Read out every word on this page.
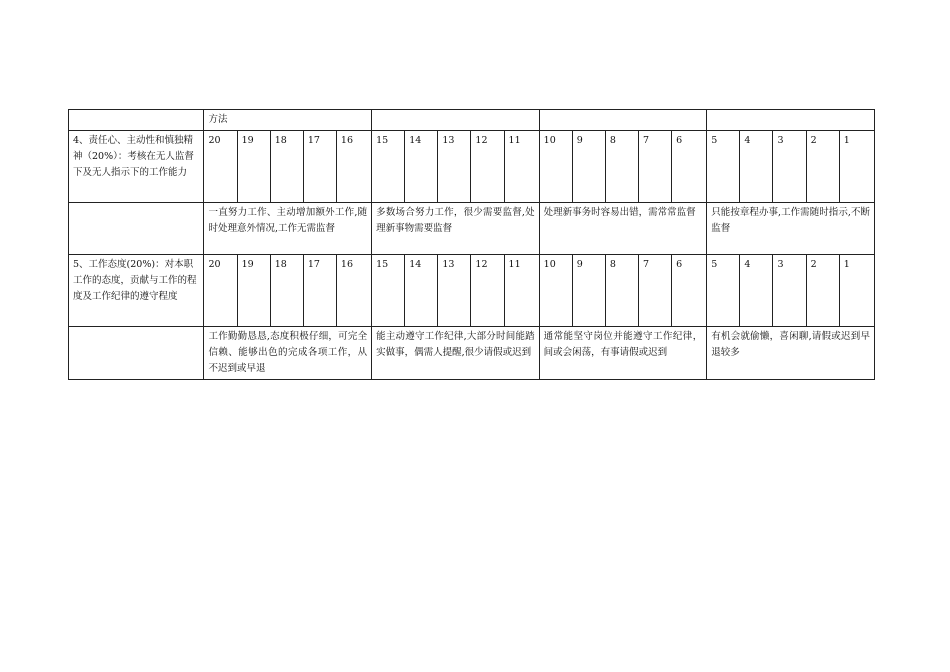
	方法																			
4、责任心、主动性和慎独精神（20%）：考核在无人监督下及无人指示下的工作能力	20	19	18	17	16	15	14	13	12	11	10	9	8	7	6	5	4	3	2	1
	一直努力工作、主动增加额外工作,随时处理意外情况,工作无需监督					多数场合努力工作，很少需要监督,处理新事物需要监督					处理新事务时容易出错，需常常监督					只能按章程办事,工作需随时指示,不断监督				
5、工作态度(20%)：对本职工作的态度，贡献与工作的程度及工作纪律的遵守程度	20	19	18	17	16	15	14	13	12	11	10	9	8	7	6	5	4	3	2	1
	工作勤勤恳恳,态度积极仔细，可完全信赖、能够出色的完成各项工作，从不迟到或早退					能主动遵守工作纪律,大部分时间能踏实做事，偶需人提醒,很少请假或迟到					通常能坚守岗位并能遵守工作纪律，间或会闲荡，有事请假或迟到					有机会就偷懒，喜闲聊,请假或迟到早退较多				
